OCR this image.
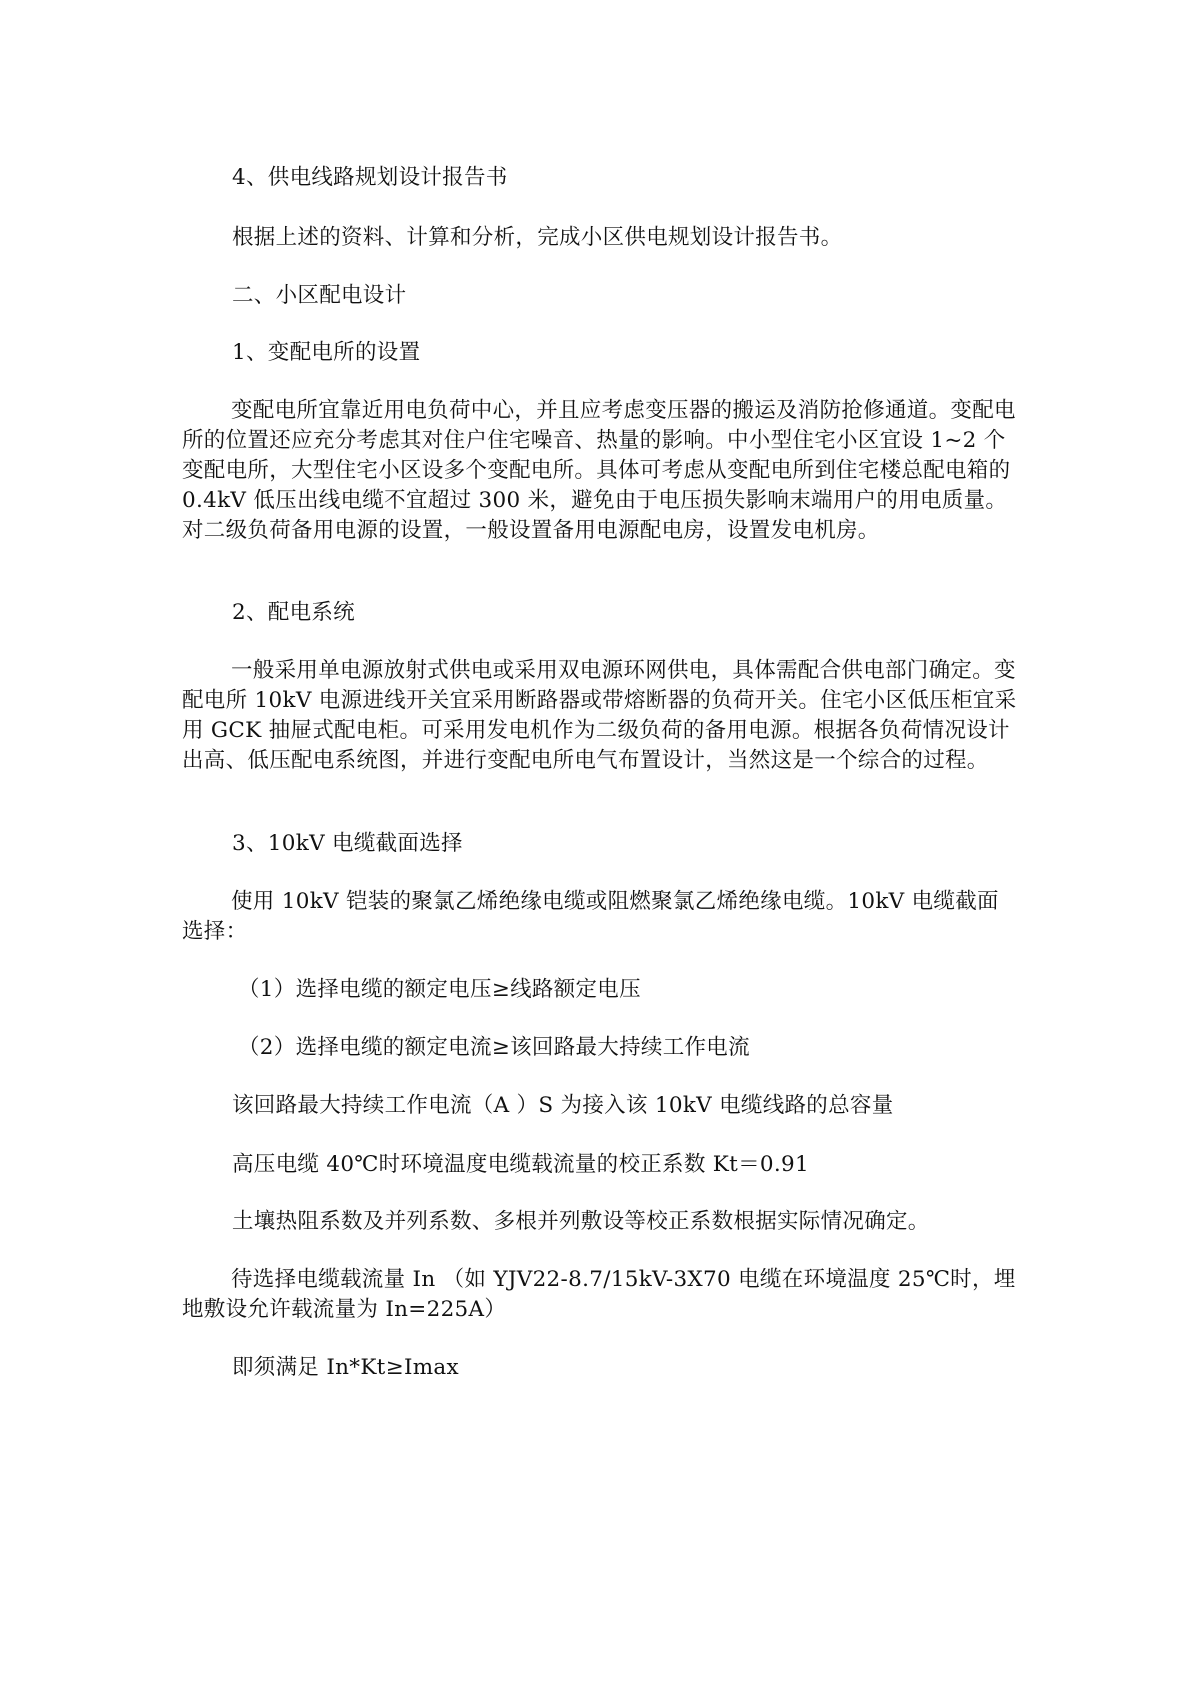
4、供电线路规划设计报告书
根据上述的资料、计算和分析，完成小区供电规划设计报告书。
二、小区配电设计
1、变配电所的设置
变配电所宜靠近用电负荷中心，并且应考虑变压器的搬运及消防抢修通道。变配电所的位置还应充分考虑其对住户住宅噪音、热量的影响。中小型住宅小区宜设 1~2 个变配电所，大型住宅小区设多个变配电所。具体可考虑从变配电所到住宅楼总配电箱的 0.4kV 低压出线电缆不宜超过 300 米，避免由于电压损失影响末端用户的用电质量。对二级负荷备用电源的设置，一般设置备用电源配电房，设置发电机房。
2、配电系统
一般采用单电源放射式供电或采用双电源环网供电，具体需配合供电部门确定。变配电所 10kV 电源进线开关宜采用断路器或带熔断器的负荷开关。住宅小区低压柜宜采用 GCK 抽屉式配电柜。可采用发电机作为二级负荷的备用电源。根据各负荷情况设计出高、低压配电系统图，并进行变配电所电气布置设计，当然这是一个综合的过程。
3、10kV 电缆截面选择
使用 10kV 铠装的聚氯乙烯绝缘电缆或阻燃聚氯乙烯绝缘电缆。10kV 电缆截面选择：
（1）选择电缆的额定电压≥线路额定电压
（2）选择电缆的额定电流≥该回路最大持续工作电流
该回路最大持续工作电流（A ）S 为接入该 10kV 电缆线路的总容量
高压电缆 40℃时环境温度电缆载流量的校正系数 Kt＝0.91
土壤热阻系数及并列系数、多根并列敷设等校正系数根据实际情况确定。
待选择电缆载流量 In （如 YJV22-8.7/15kV-3X70 电缆在环境温度 25℃时，埋地敷设允许载流量为 In=225A）
即须满足 In*Kt≥Imax
